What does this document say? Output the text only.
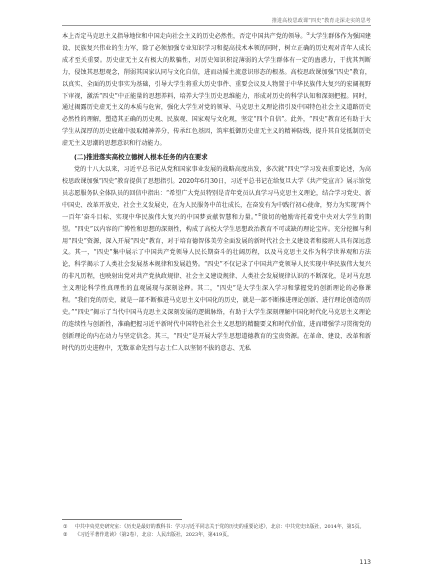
推进高校思政课“四史”教育走深走实的思考

本上否定马克思主义指导地位和中国走向社会主义的历史必然性，否定中国共产党的领导。①大学生群体作为强国建设、民族复兴伟业的生力军，除了必须加强专业知识学习和提高技术本领的同时，树立正确的历史观对青年人成长成才至关重要。历史虚无主义有极大的欺骗性，对历史知识积淀薄弱的大学生群体有一定的蛊惑力，干扰其判断力，侵蚀其思想观念，削弱其国家认同与文化自信，进而动摇主流意识形态的根基。高校思政课加强“四史”教育，以真实、全面的历史事实为基础，引导大学生将重大历史事件、重要会议及人物置于中华民族伟大复兴的宏阔视野下审视，激活“四史”中正能量的思想养料，培养大学生历史思维能力，形成对历史的科学认知和深刻把握。同时，通过揭露历史虚无主义的本质与危害，强化大学生对党的领导、马克思主义理论指引及中国特色社会主义道路历史必然性的理解，塑造其正确的历史观、民族观、国家观与文化观，坚定“四个自信”。此外，“四史”教育还有助于大学生从深厚的历史底蕴中汲取精神养分，传承红色基因，筑牢抵御历史虚无主义的精神防线，提升其自觉抵制历史虚无主义思潮的思想意识和行动能力。

(二)推进落实高校立德树人根本任务的内在要求

党的十八大以来，习近平总书记从党和国家事业发展的战略高度出发，多次就“四史”学习发表重要论述，为高校思政课加强“四史”教育提供了思想指引。2020年6月30日，习近平总书记在给复旦大学《共产党宣言》展示馆党员志愿服务队全体队员的回信中指出：“希望广大党员特别是青年党员认真学习马克思主义理论，结合学习党史、新中国史、改革开放史、社会主义发展史，在为人民服务中茁壮成长，在奋发有为中践行初心使命，努力为实现‘两个一百年’奋斗目标、实现中华民族伟大复兴的中国梦贡献智慧和力量。”②殷切的勉励寄托着党中央对大学生的期望。“四史”以内容的广博性和思想的深刻性，构成了高校大学生思想政治教育不可或缺的理论宝库。充分挖掘与利用“四史”资源，深入开展“四史”教育，对于培育德智体美劳全面发展的新时代社会主义建设者和接班人具有深远意义。其一，“四史”集中展示了中国共产党领导人民长期奋斗的壮阔历程，以及马克思主义作为科学世界观和方法论，科学揭示了人类社会发展基本规律和发展趋势。“四史”不仅记录了中国共产党领导人民实现中华民族伟大复兴的非凡历程，也映射出党对共产党执政规律、社会主义建设规律、人类社会发展规律认识的不断深化，是对马克思主义理论科学性真理性的直观展现与深刻诠释。其二，“四史”是大学生深入学习和掌握党的创新理论的必修课程。“我们党的历史，就是一部不断推进马克思主义中国化的历史，就是一部不断推进理论创新、进行理论创造的历史。”“四史”揭示了当代中国马克思主义深刻发展的逻辑脉络，有助于大学生深刻理解中国化时代化马克思主义理论的连续性与创新性，准确把握习近平新时代中国特色社会主义思想的精髓要义和时代价值，进而增强学习贯彻党的创新理论的内在动力与坚定信念。其三，“四史”是开展大学生思想道德教育的宝贵资源。在革命、建设、改革和新时代的历史进程中，无数革命先烈与志士仁人以坚韧不拔的意志、无私

① 中共中央党史研究室：《历史是最好的教科书：学习习近平同志关于党的历史的重要论述》，北京：中共党史出版社，2014年，第5页。
② 《习近平著作选读》（第2卷），北京：人民出版社，2023年，第419页。
113
